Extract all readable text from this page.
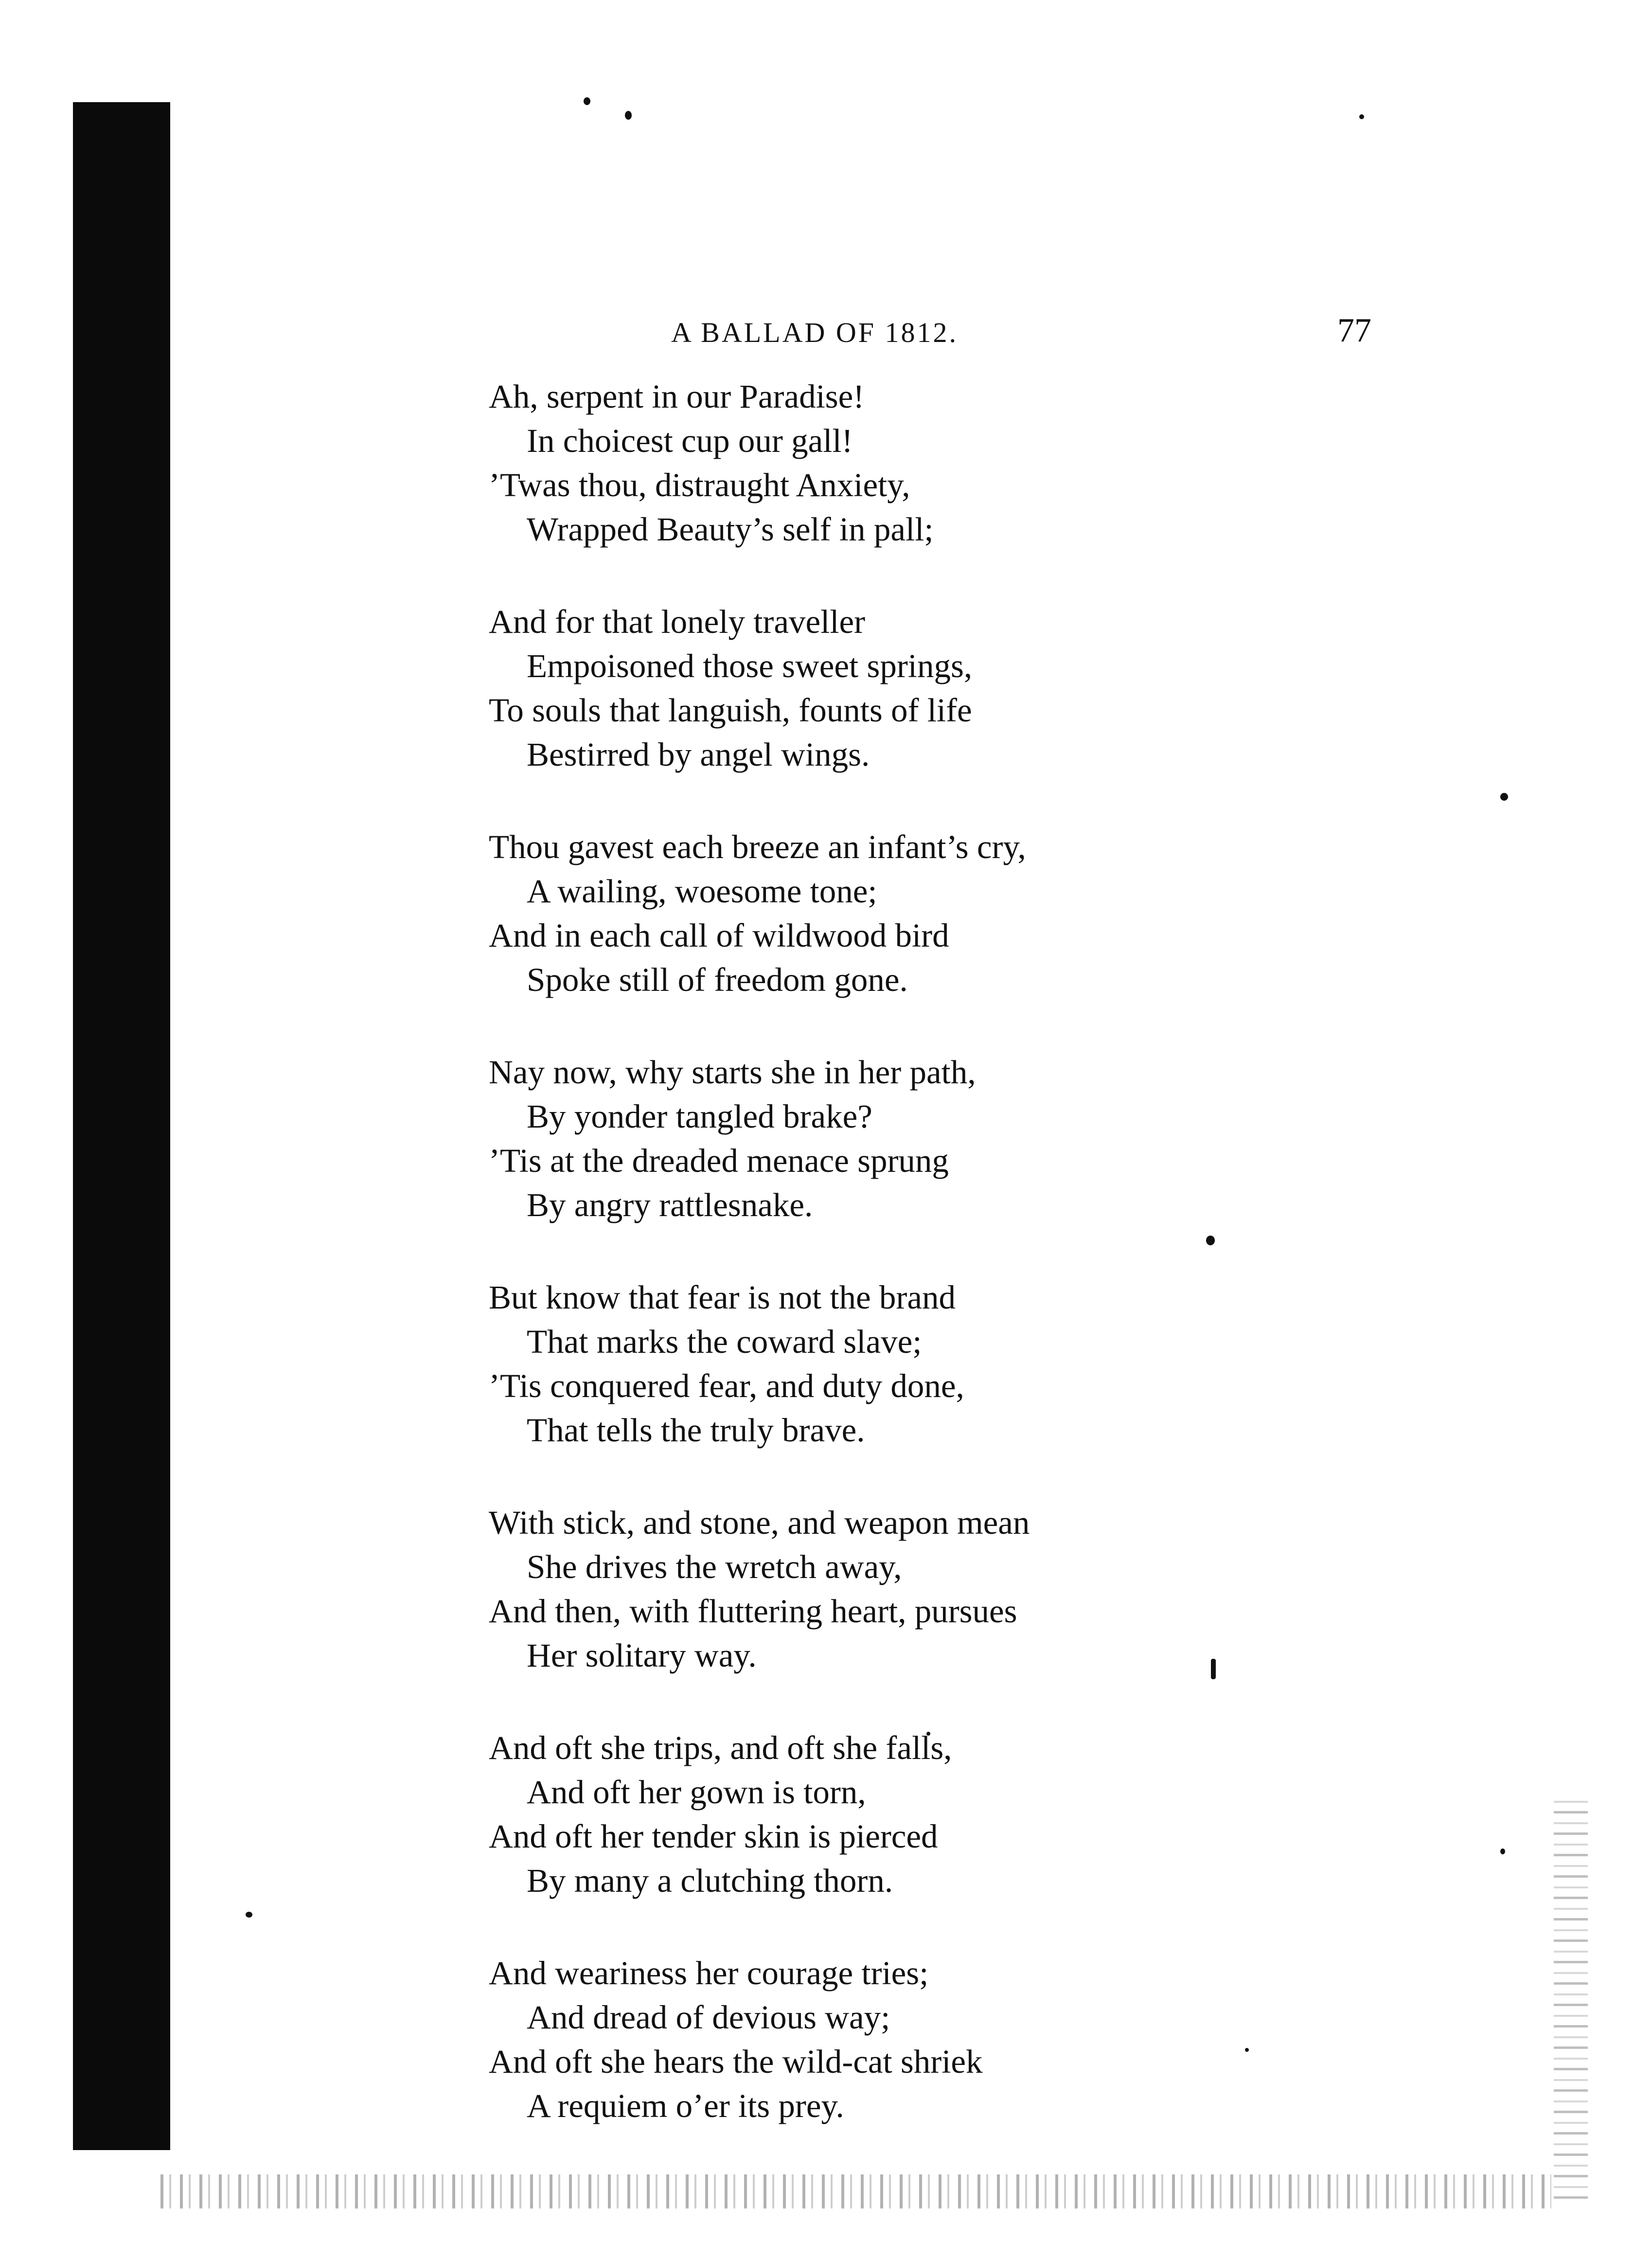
A BALLAD OF 1812.	77
Ah, serpent in our Paradise!
In choicest cup our gall!
’Twas thou, distraught Anxiety,
Wrapped Beauty’s self in pall;
And for that lonely traveller
Empoisoned those sweet springs,
To souls that languish, founts of life
Bestirred by angel wings.
Thou gavest each breeze an infant’s cry,
A wailing, woesome tone;
And in each call of wildwood bird
Spoke still of freedom gone.
Nay now, why starts she in her path,
By yonder tangled brake?
’Tis at the dreaded menace sprung
By angry rattlesnake.
But know that fear is not the brand
That marks the coward slave;
’Tis conquered fear, and duty done,
That tells the truly brave.
With stick, and stone, and weapon mean
She drives the wretch away,
And then, with fluttering heart, pursues
Her solitary way.
And oft she trips, and oft she falls,
And oft her gown is torn,
And oft her tender skin is pierced
By many a clutching thorn.
And weariness her courage tries;
And dread of devious way;
And oft she hears the wild-cat shriek
A requiem o’er its prey.
